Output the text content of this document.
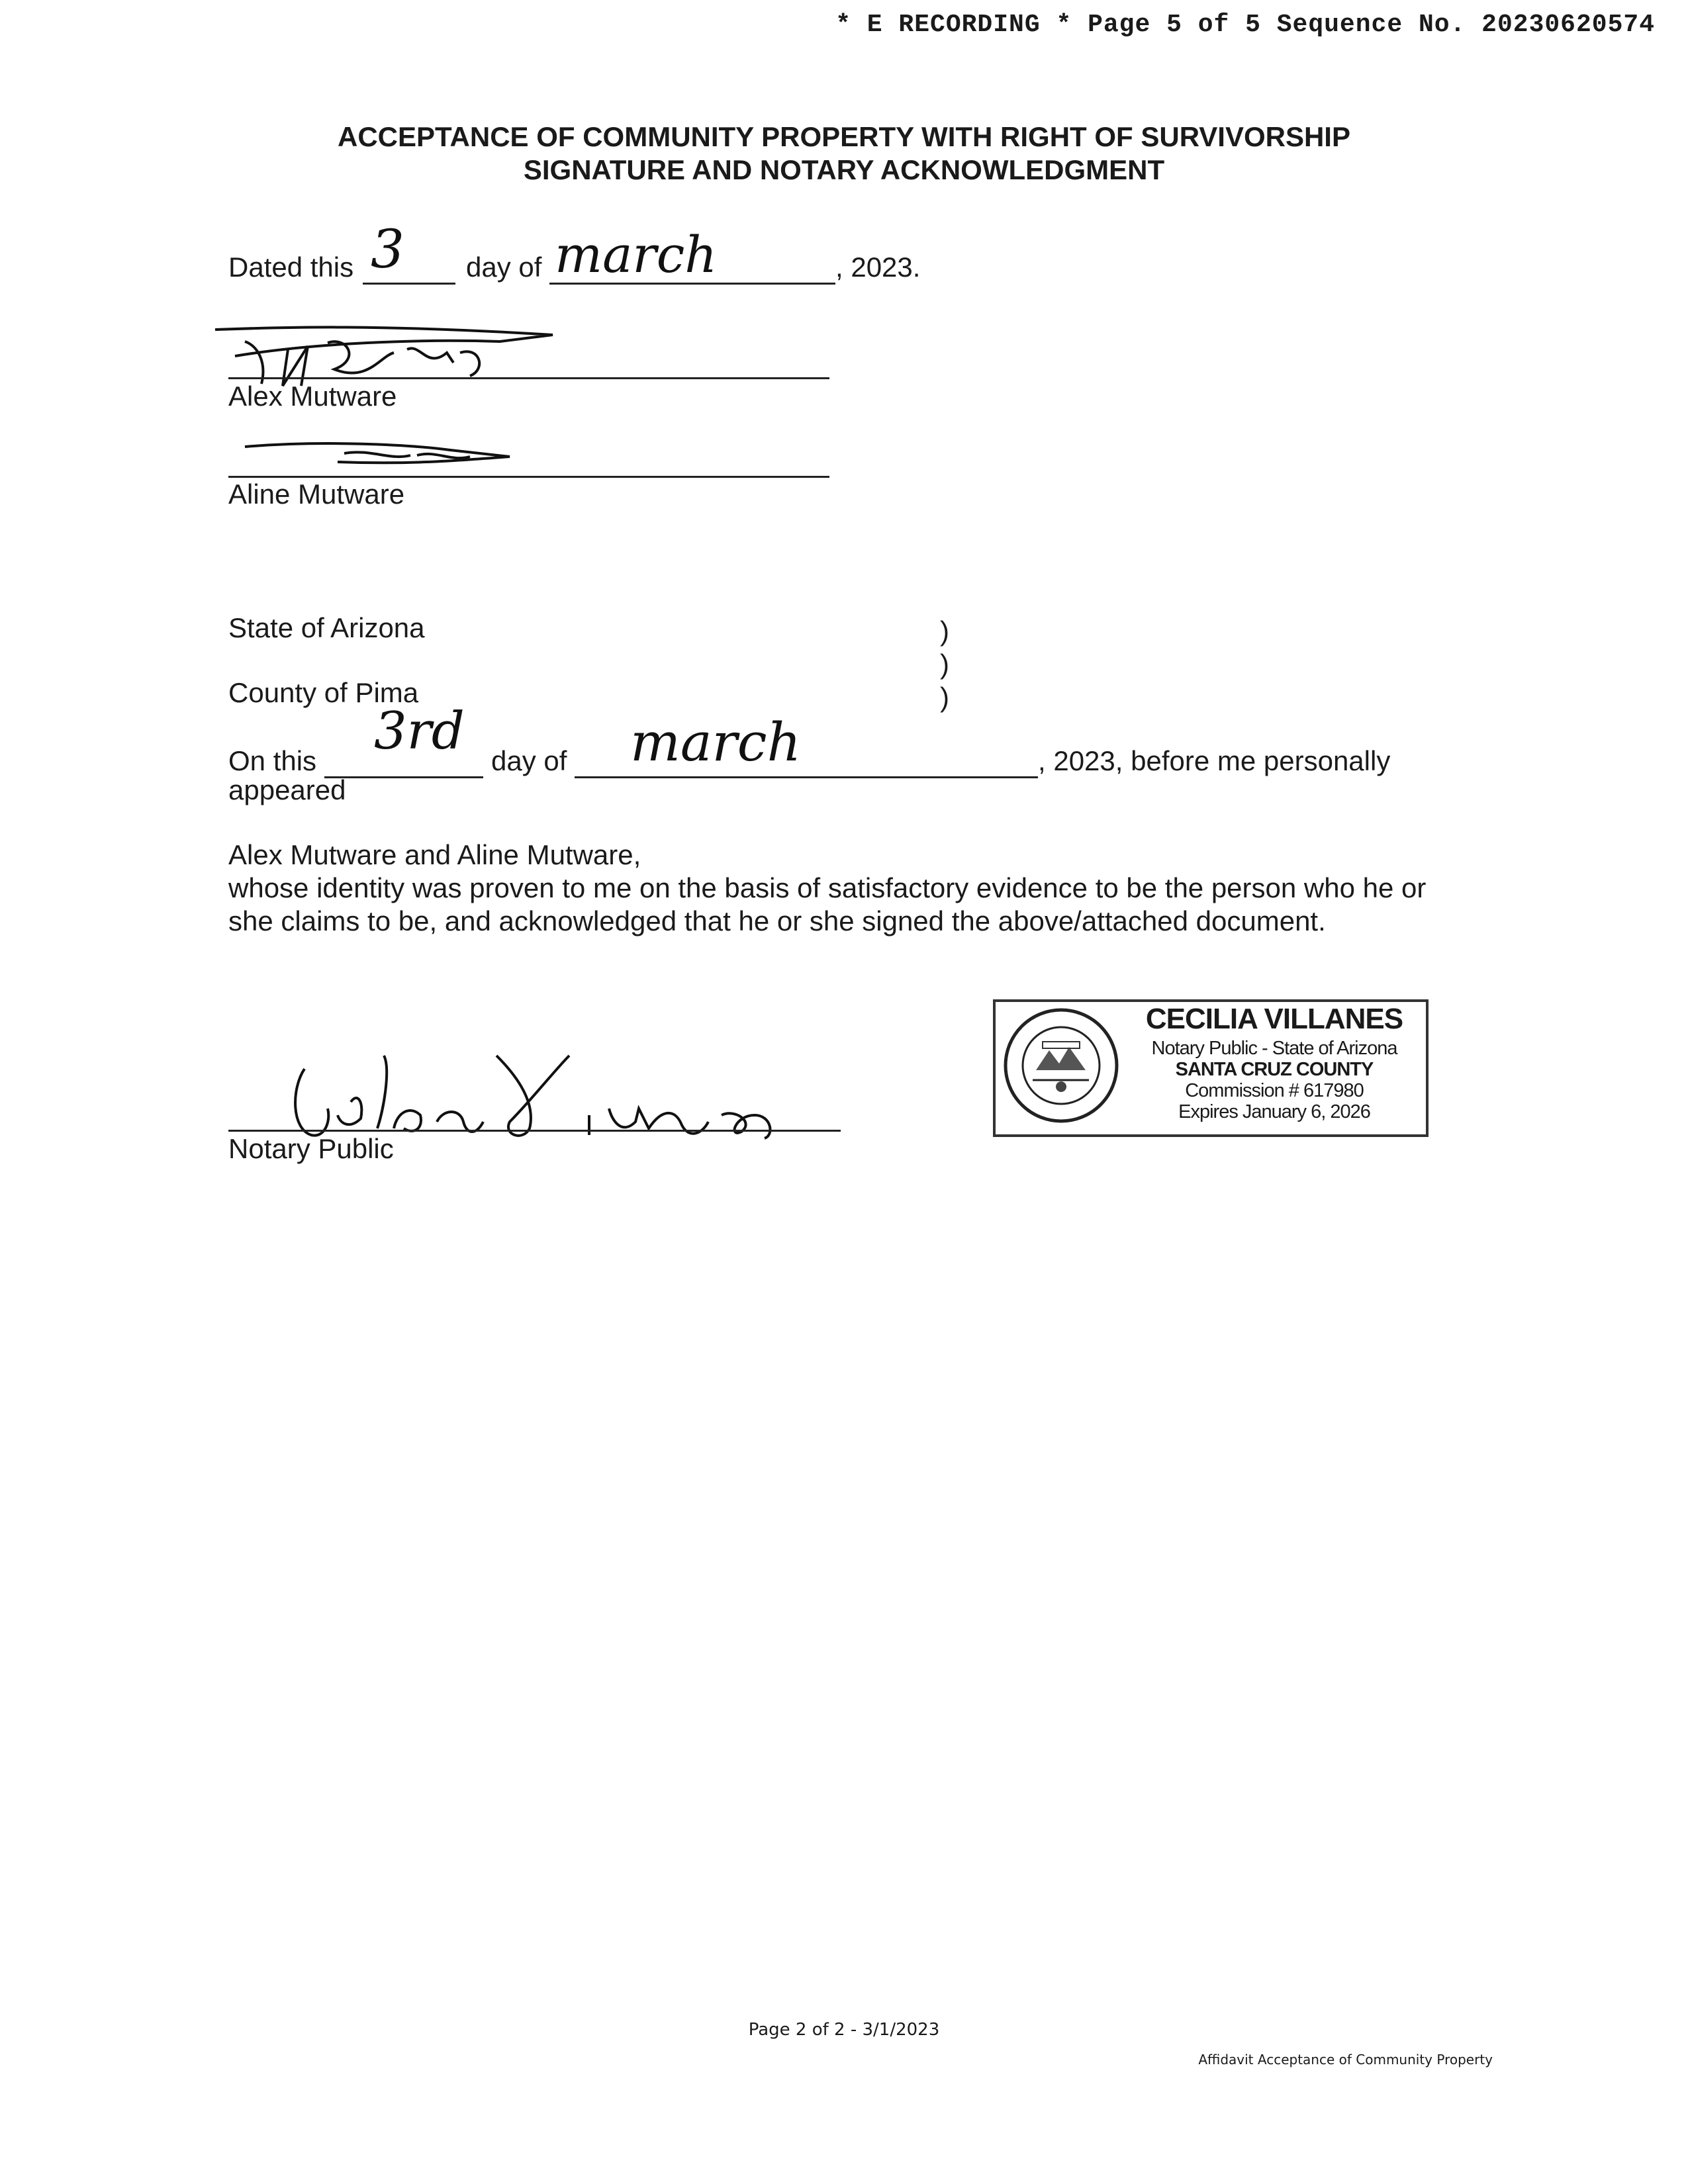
* E RECORDING * Page 5 of 5 Sequence No. 20230620574
ACCEPTANCE OF COMMUNITY PROPERTY WITH RIGHT OF SURVIVORSHIP
SIGNATURE AND NOTARY ACKNOWLEDGMENT
Dated this 3 day of march	, 2023.
Alex Mutware
Aline Mutware
State of Arizona	)
)
)
County of Pima
On this 3rd day of march	, 2023, before me personally
appeared
Alex Mutware and Aline Mutware,
whose identity was proven to me on the basis of satisfactory evidence to be the person who he or
she claims to be, and acknowledged that he or she signed the above/attached document.
Notary Public
CECILIA VILLANES
Notary Public - State of Arizona
SANTA CRUZ COUNTY
Commission # 617980
Expires January 6, 2026
Page 2 of 2 - 3/1/2023
Affidavit Acceptance of Community Property
